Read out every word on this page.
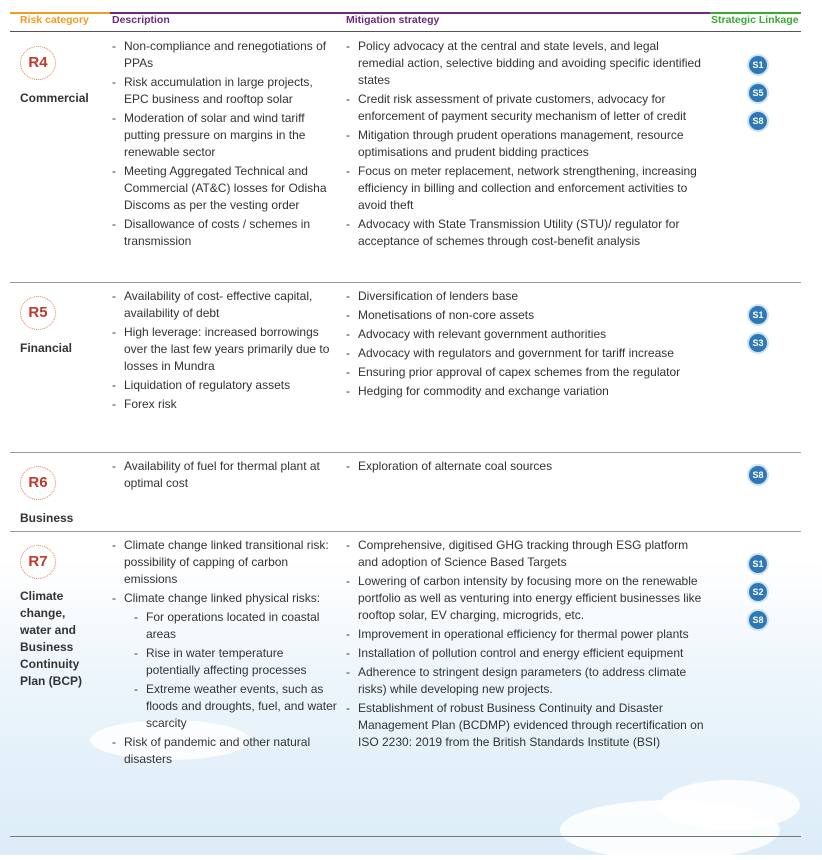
Risk category Description	Mitigation strategy	Strategic Linkage
R4
Commercial
- Non-compliance and renegotiations of PPAs
- Risk accumulation in large projects, EPC business and rooftop solar
- Moderation of solar and wind tariff putting pressure on margins in the renewable sector
- Meeting Aggregated Technical and Commercial (AT&C) losses for Odisha Discoms as per the vesting order
- Disallowance of costs / schemes in transmission
- Policy advocacy at the central and state levels, and legal remedial action, selective bidding and avoiding specific identified states
- Credit risk assessment of private customers, advocacy for enforcement of payment security mechanism of letter of credit
- Mitigation through prudent operations management, resource optimisations and prudent bidding practices
- Focus on meter replacement, network strengthening, increasing efficiency in billing and collection and enforcement activities to avoid theft
- Advocacy with State Transmission Utility (STU)/ regulator for acceptance of schemes through cost-benefit analysis
S1
S5
S8
R5
Financial
- Availability of cost- effective capital, availability of debt
- High leverage: increased borrowings over the last few years primarily due to losses in Mundra
- Liquidation of regulatory assets
- Forex risk
- Diversification of lenders base
- Monetisations of non-core assets
- Advocacy with relevant government authorities
- Advocacy with regulators and government for tariff increase
- Ensuring prior approval of capex schemes from the regulator
- Hedging for commodity and exchange variation
S1
S3
R6
Business
- Availability of fuel for thermal plant at optimal cost
- Exploration of alternate coal sources
S8
R7
Climate
change,
water and
Business
Continuity
Plan (BCP)
- Climate change linked transitional risk: possibility of capping of carbon emissions
- Climate change linked physical risks:
- For operations located in coastal areas
- Rise in water temperature potentially affecting processes
- Extreme weather events, such as floods and droughts, fuel, and water scarcity
- Risk of pandemic and other natural disasters
- Comprehensive, digitised GHG tracking through ESG platform and adoption of Science Based Targets
- Lowering of carbon intensity by focusing more on the renewable portfolio as well as venturing into energy efficient businesses like rooftop solar, EV charging, microgrids, etc.
- Improvement in operational efficiency for thermal power plants
- Installation of pollution control and energy efficient equipment
- Adherence to stringent design parameters (to address climate risks) while developing new projects.
- Establishment of robust Business Continuity and Disaster Management Plan (BCDMP) evidenced through recertification on ISO 2230: 2019 from the British Standards Institute (BSI)
S1
S2
S8
